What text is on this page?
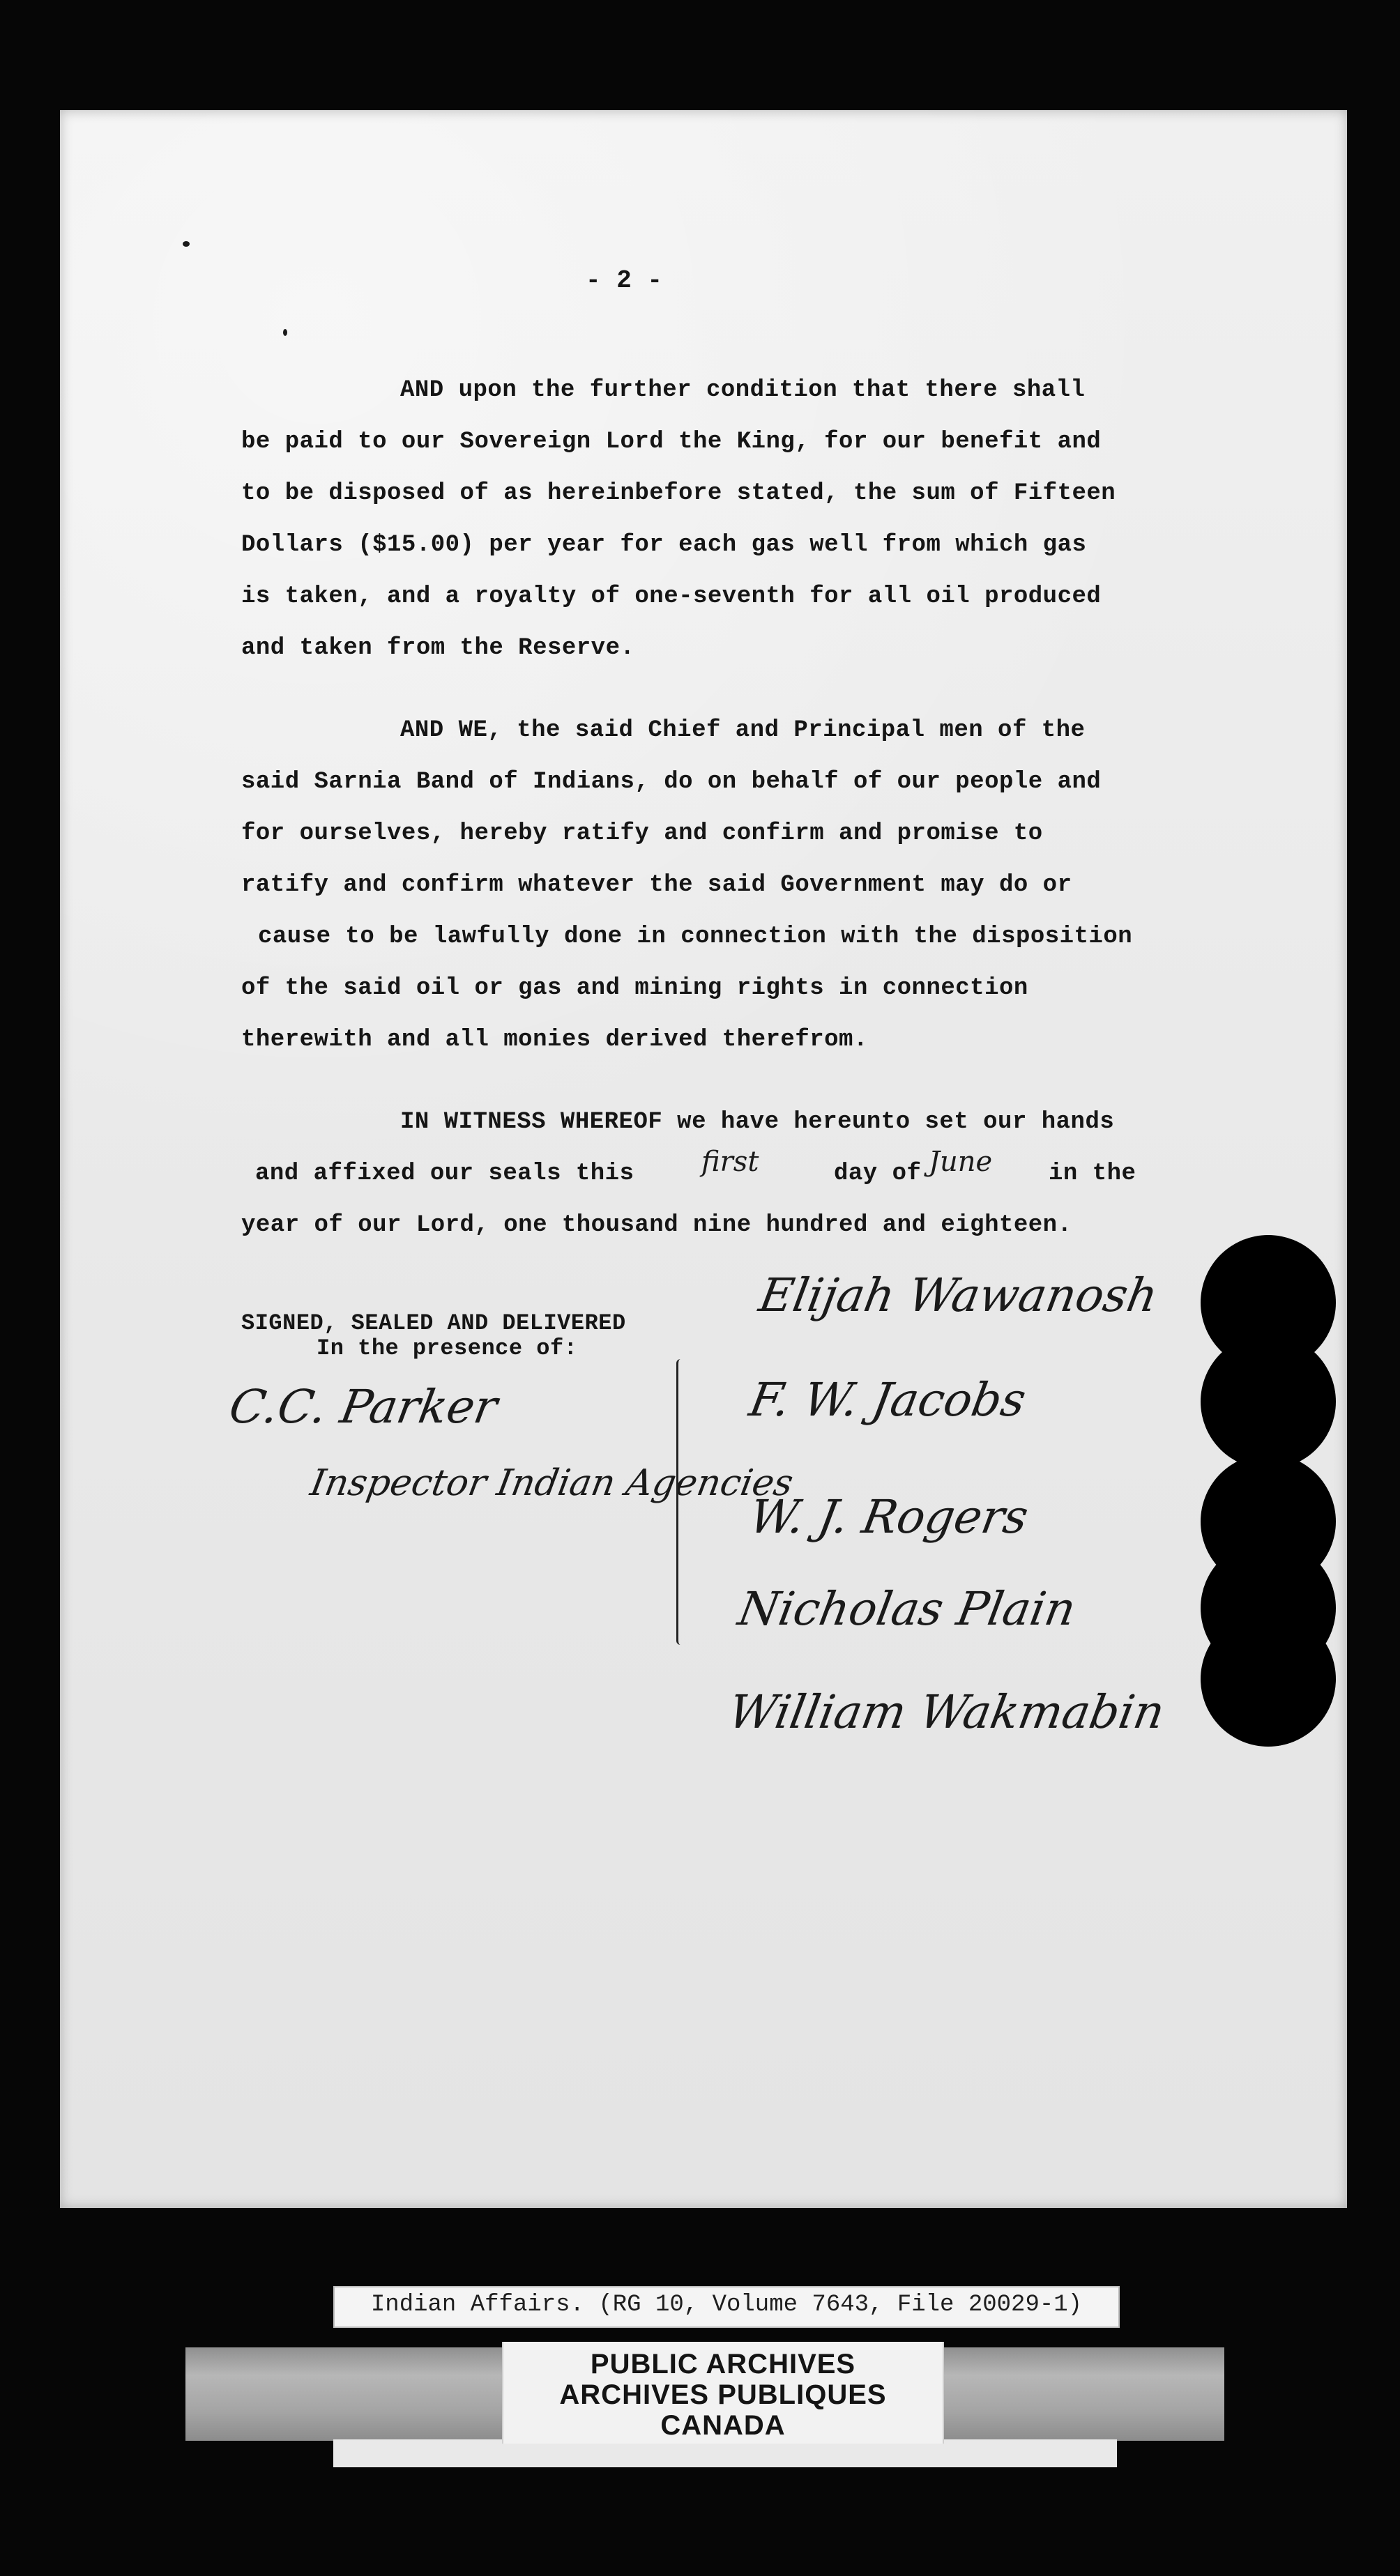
- 2 -

AND upon the further condition that there shall

be paid to our Sovereign Lord the King, for our benefit and

to be disposed of as hereinbefore stated, the sum of Fifteen

Dollars ($15.00) per year for each gas well from which gas

is taken, and a royalty of one-seventh for all oil produced

and taken from the Reserve.

AND WE, the said Chief and Principal men of the

said Sarnia Band of Indians, do on behalf of our people and

for ourselves, hereby ratify and confirm and promise to

ratify and confirm whatever the said Government may do or

cause to be lawfully done in connection with the disposition

of the said oil or gas and mining rights in connection

therewith and all monies derived therefrom.

IN WITNESS WHEREOF we have hereunto set our hands

and affixed our seals this first	day of June in the

year of our Lord, one thousand nine hundred and eighteen.

SIGNED, SEALED AND DELIVERED

In the presence of:

C.C. Parker

Inspector Indian Agencies

Elijah Wawanosh

F. W. Jacobs

W. J. Rogers

Nicholas Plain

William Wakmabin

Indian Affairs. (RG 10, Volume 7643, File 20029-1)
PUBLIC ARCHIVES
ARCHIVES PUBLIQUES
CANADA
